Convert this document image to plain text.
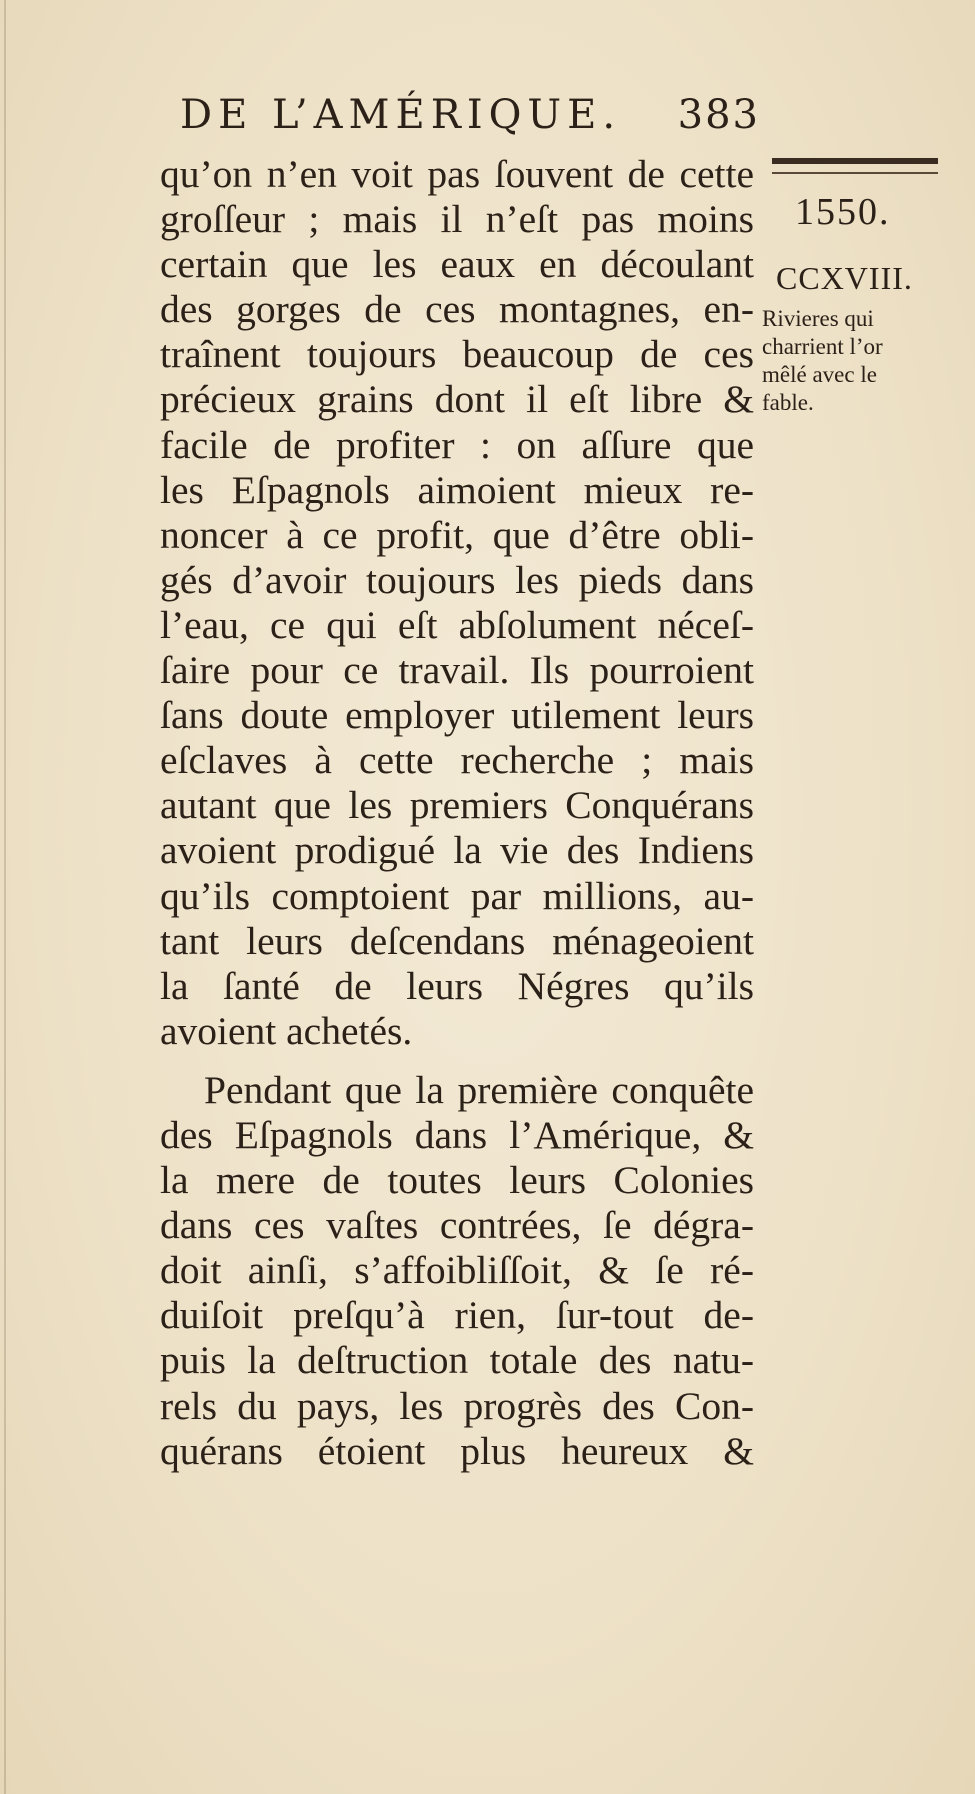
DE L’AMÉRIQUE. 383
1550.
CCXVIII.
Rivieres qui
charrient l’or
mêlé avec le
fable.
qu’on n’en voit pas ſouvent de cette
groſſeur ; mais il n’eſt pas moins
certain que les eaux en découlant
des gorges de ces montagnes, en-
traînent toujours beaucoup de ces
précieux grains dont il eſt libre &
facile de profiter : on aſſure que
les Eſpagnols aimoient mieux re-
noncer à ce profit, que d’être obli-
gés d’avoir toujours les pieds dans
l’eau, ce qui eſt abſolument néceſ-
ſaire pour ce travail. Ils pourroient
ſans doute employer utilement leurs
eſclaves à cette recherche ; mais
autant que les premiers Conquérans
avoient prodigué la vie des Indiens
qu’ils comptoient par millions, au-
tant leurs deſcendans ménageoient
la ſanté de leurs Négres qu’ils
avoient achetés.
Pendant que la première conquête
des Eſpagnols dans l’Amérique, &
la mere de toutes leurs Colonies
dans ces vaſtes contrées, ſe dégra-
doit ainſi, s’affoibliſſoit, & ſe ré-
duiſoit preſqu’à rien, ſur-tout de-
puis la deſtruction totale des natu-
rels du pays, les progrès des Con-
quérans étoient plus heureux &
